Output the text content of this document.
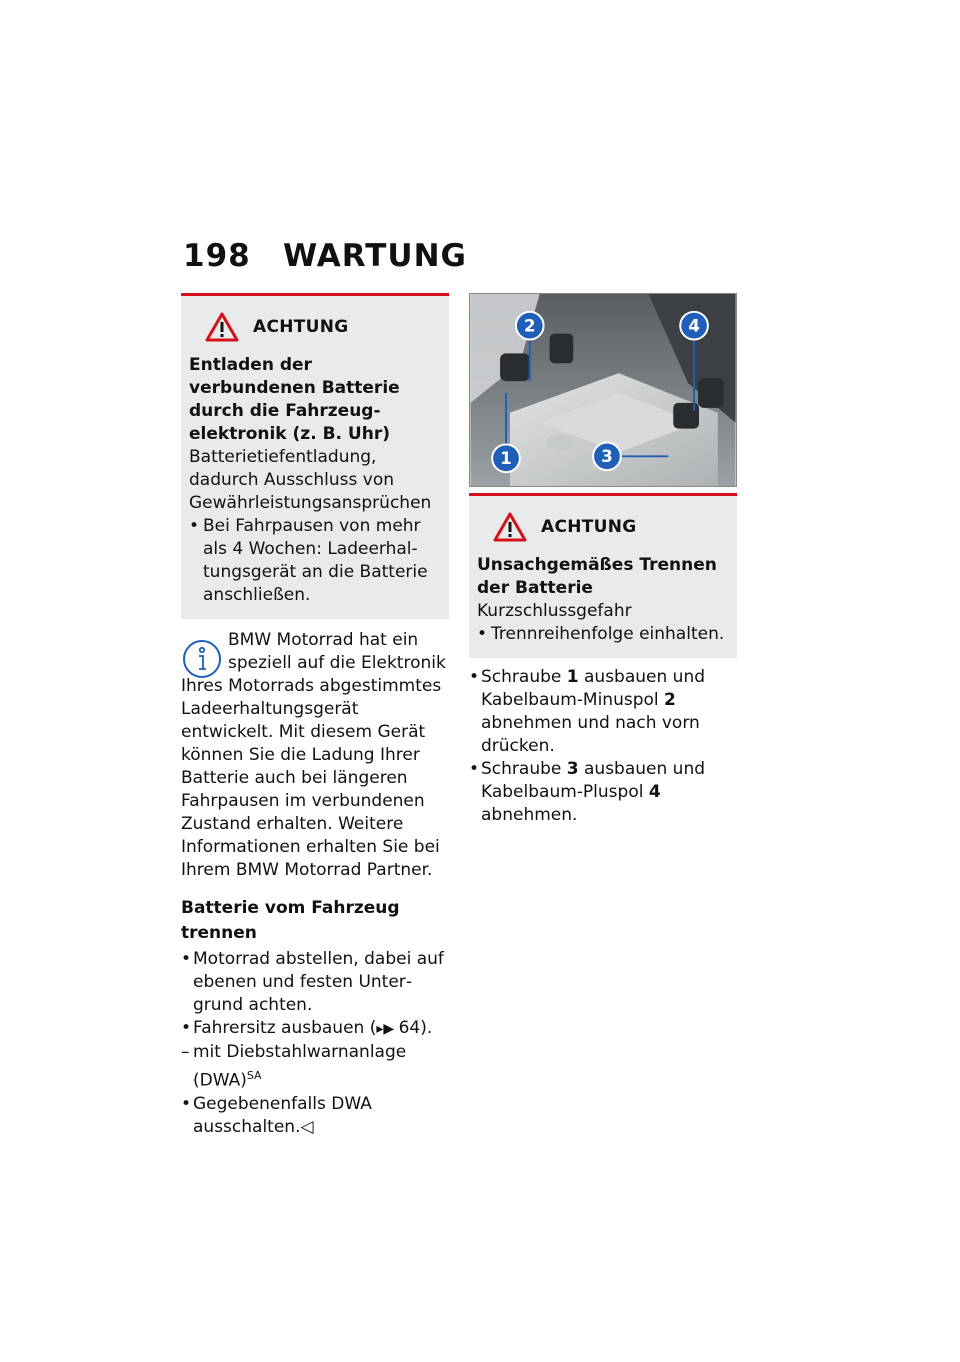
198 WARTUNG
ACHTUNG
Entladen der verbundenen Batterie durch die Fahrzeugelektronik (z. B. Uhr)
Batterietiefentladung, dadurch Ausschluss von Gewährleistungsansprüchen
• Bei Fahrpausen von mehr als 4 Wochen: Ladeerhaltungsgerät an die Batterie anschließen.
BMW Motorrad hat ein
speziell auf die Elektronik
Ihres Motorrads abgestimmtes Ladeerhaltungsgerät entwickelt. Mit diesem Gerät können Sie die Ladung Ihrer Batterie auch bei längeren Fahrpausen im verbundenen Zustand erhalten. Weitere Informationen erhalten Sie bei Ihrem BMW Motorrad Partner.
Batterie vom Fahrzeug trennen
• Motorrad abstellen, dabei auf ebenen und festen Untergrund achten.
• Fahrersitz ausbauen (▸▶ 64).
– mit Diebstahlwarnanlage (DWA)$^{SA}$
• Gegebenenfalls DWA ausschalten.◁
1
2
3
4
ACHTUNG
Unsachgemäßes Trennen der Batterie
Kurzschlussgefahr
• Trennreihenfolge einhalten.
• Schraube 1 ausbauen und Kabelbaum-Minuspol 2 abnehmen und nach vorn drücken.
• Schraube 3 ausbauen und Kabelbaum-Pluspol 4 abnehmen.
